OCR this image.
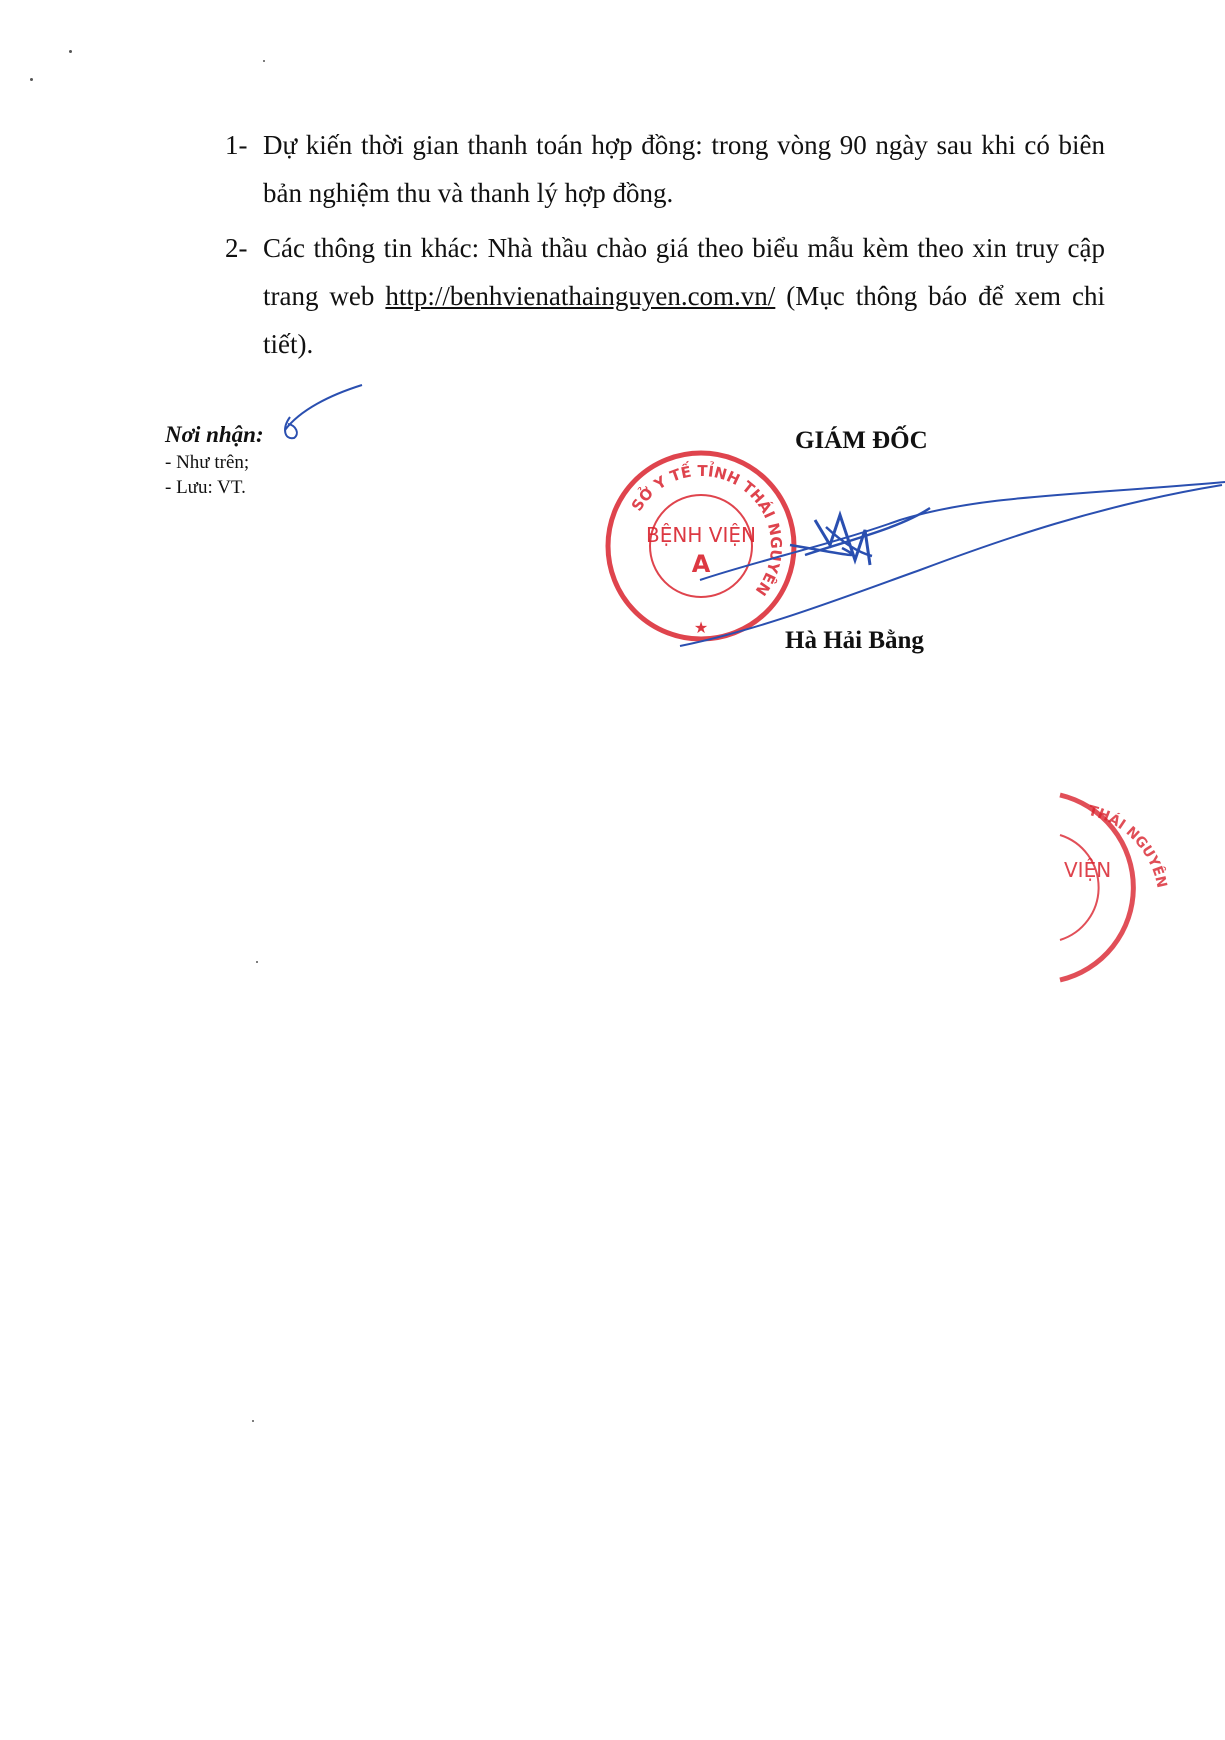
1- Dự kiến thời gian thanh toán hợp đồng: trong vòng 90 ngày sau khi có biên bản nghiệm thu và thanh lý hợp đồng.
2- Các thông tin khác: Nhà thầu chào giá theo biểu mẫu kèm theo xin truy cập trang web http://benhvienathainguyen.com.vn/ (Mục thông báo để xem chi tiết).
Nơi nhận:
- Như trên;
- Lưu: VT.
GIÁM ĐỐC
SỞ Y TẾ TỈNH THÁI NGUYÊN
BỆNH VIỆN
A
★
THÁI NGUYÊN
VIỆN
Hà Hải Bằng
